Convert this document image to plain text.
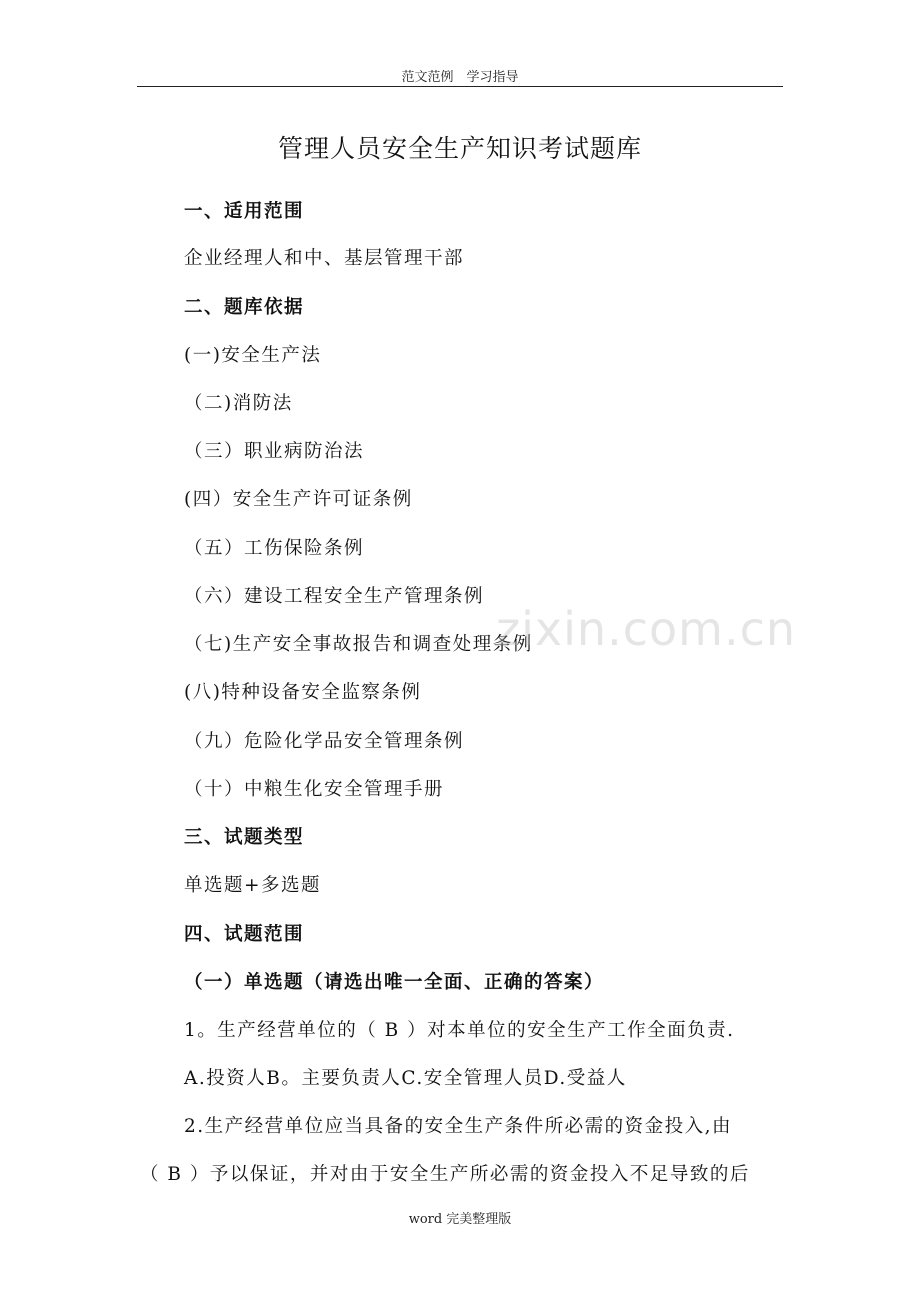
范文范例　学习指导
管理人员安全生产知识考试题库
一、适用范围
企业经理人和中、基层管理干部
二、题库依据
(一)安全生产法
（二)消防法
（三）职业病防治法
(四）安全生产许可证条例
（五）工伤保险条例
（六）建设工程安全生产管理条例
（七)生产安全事故报告和调查处理条例
(八)特种设备安全监察条例
（九）危险化学品安全管理条例
（十）中粮生化安全管理手册
三、试题类型
单选题+多选题
四、试题范围
（一）单选题（请选出唯一全面、正确的答案）
1。生产经营单位的（ B ）对本单位的安全生产工作全面负责.
A.投资人B。主要负责人C.安全管理人员D.受益人
2.生产经营单位应当具备的安全生产条件所必需的资金投入,由
（ B ）予以保证，并对由于安全生产所必需的资金投入不足导致的后
zixin.com.cn
word 完美整理版
